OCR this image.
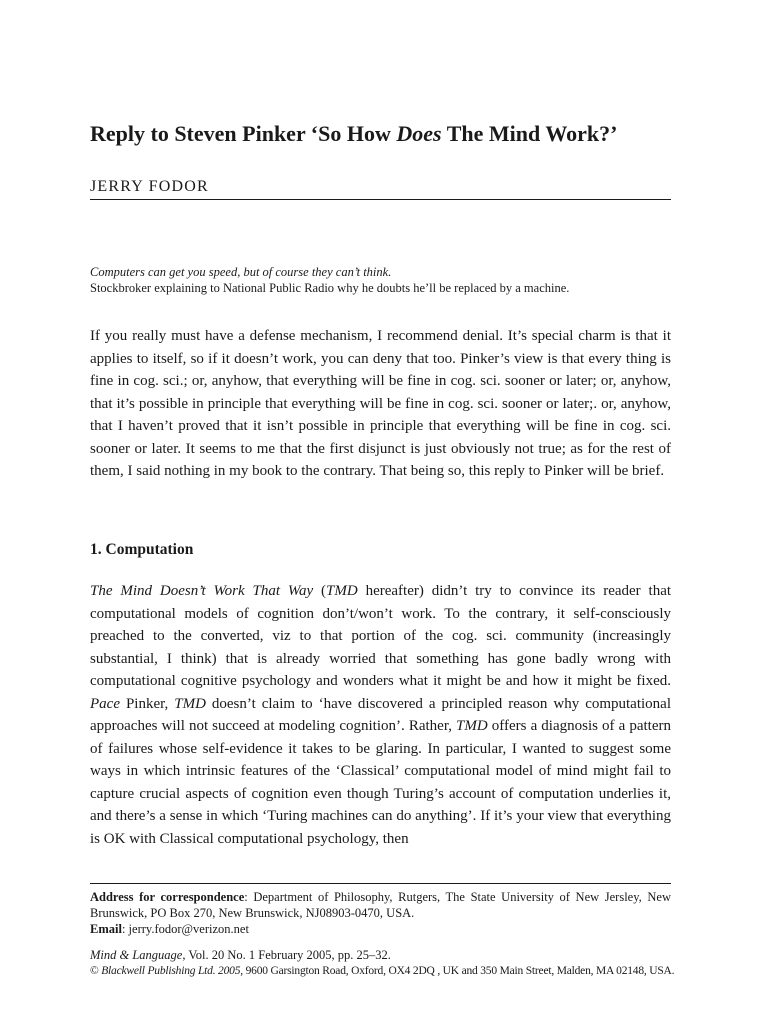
Reply to Steven Pinker ‘So How Does The Mind Work?’
JERRY FODOR
Computers can get you speed, but of course they can’t think.
Stockbroker explaining to National Public Radio why he doubts he’ll be replaced by a machine.

If you really must have a defense mechanism, I recommend denial. It’s special charm is that it applies to itself, so if it doesn’t work, you can deny that too. Pinker’s view is that every thing is fine in cog. sci.; or, anyhow, that everything will be fine in cog. sci. sooner or later; or, anyhow, that it’s possible in principle that everything will be fine in cog. sci. sooner or later;. or, anyhow, that I haven’t proved that it isn’t possible in principle that everything will be fine in cog. sci. sooner or later. It seems to me that the first disjunct is just obviously not true; as for the rest of them, I said nothing in my book to the contrary. That being so, this reply to Pinker will be brief.

1. Computation

The Mind Doesn’t Work That Way (TMD hereafter) didn’t try to convince its reader that computational models of cognition don’t/won’t work. To the contrary, it self-consciously preached to the converted, viz to that portion of the cog. sci. community (increasingly substantial, I think) that is already worried that something has gone badly wrong with computational cognitive psychology and wonders what it might be and how it might be fixed. Pace Pinker, TMD doesn’t claim to ‘have discovered a principled reason why computational approaches will not succeed at modeling cognition’. Rather, TMD offers a diagnosis of a pattern of failures whose self-evidence it takes to be glaring. In particular, I wanted to suggest some ways in which intrinsic features of the ‘Classical’ computational model of mind might fail to capture crucial aspects of cognition even though Turing’s account of computation underlies it, and there’s a sense in which ‘Turing machines can do anything’. If it’s your view that everything is OK with Classical computational psychology, then

Address for correspondence: Department of Philosophy, Rutgers, The State University of New Jersley, New Brunswick, PO Box 270, New Brunswick, NJ08903-0470, USA.
Email: jerry.fodor@verizon.net
Mind & Language, Vol. 20 No. 1 February 2005, pp. 25–32.
© Blackwell Publishing Ltd. 2005, 9600 Garsington Road, Oxford, OX4 2DQ , UK and 350 Main Street, Malden, MA 02148, USA.
